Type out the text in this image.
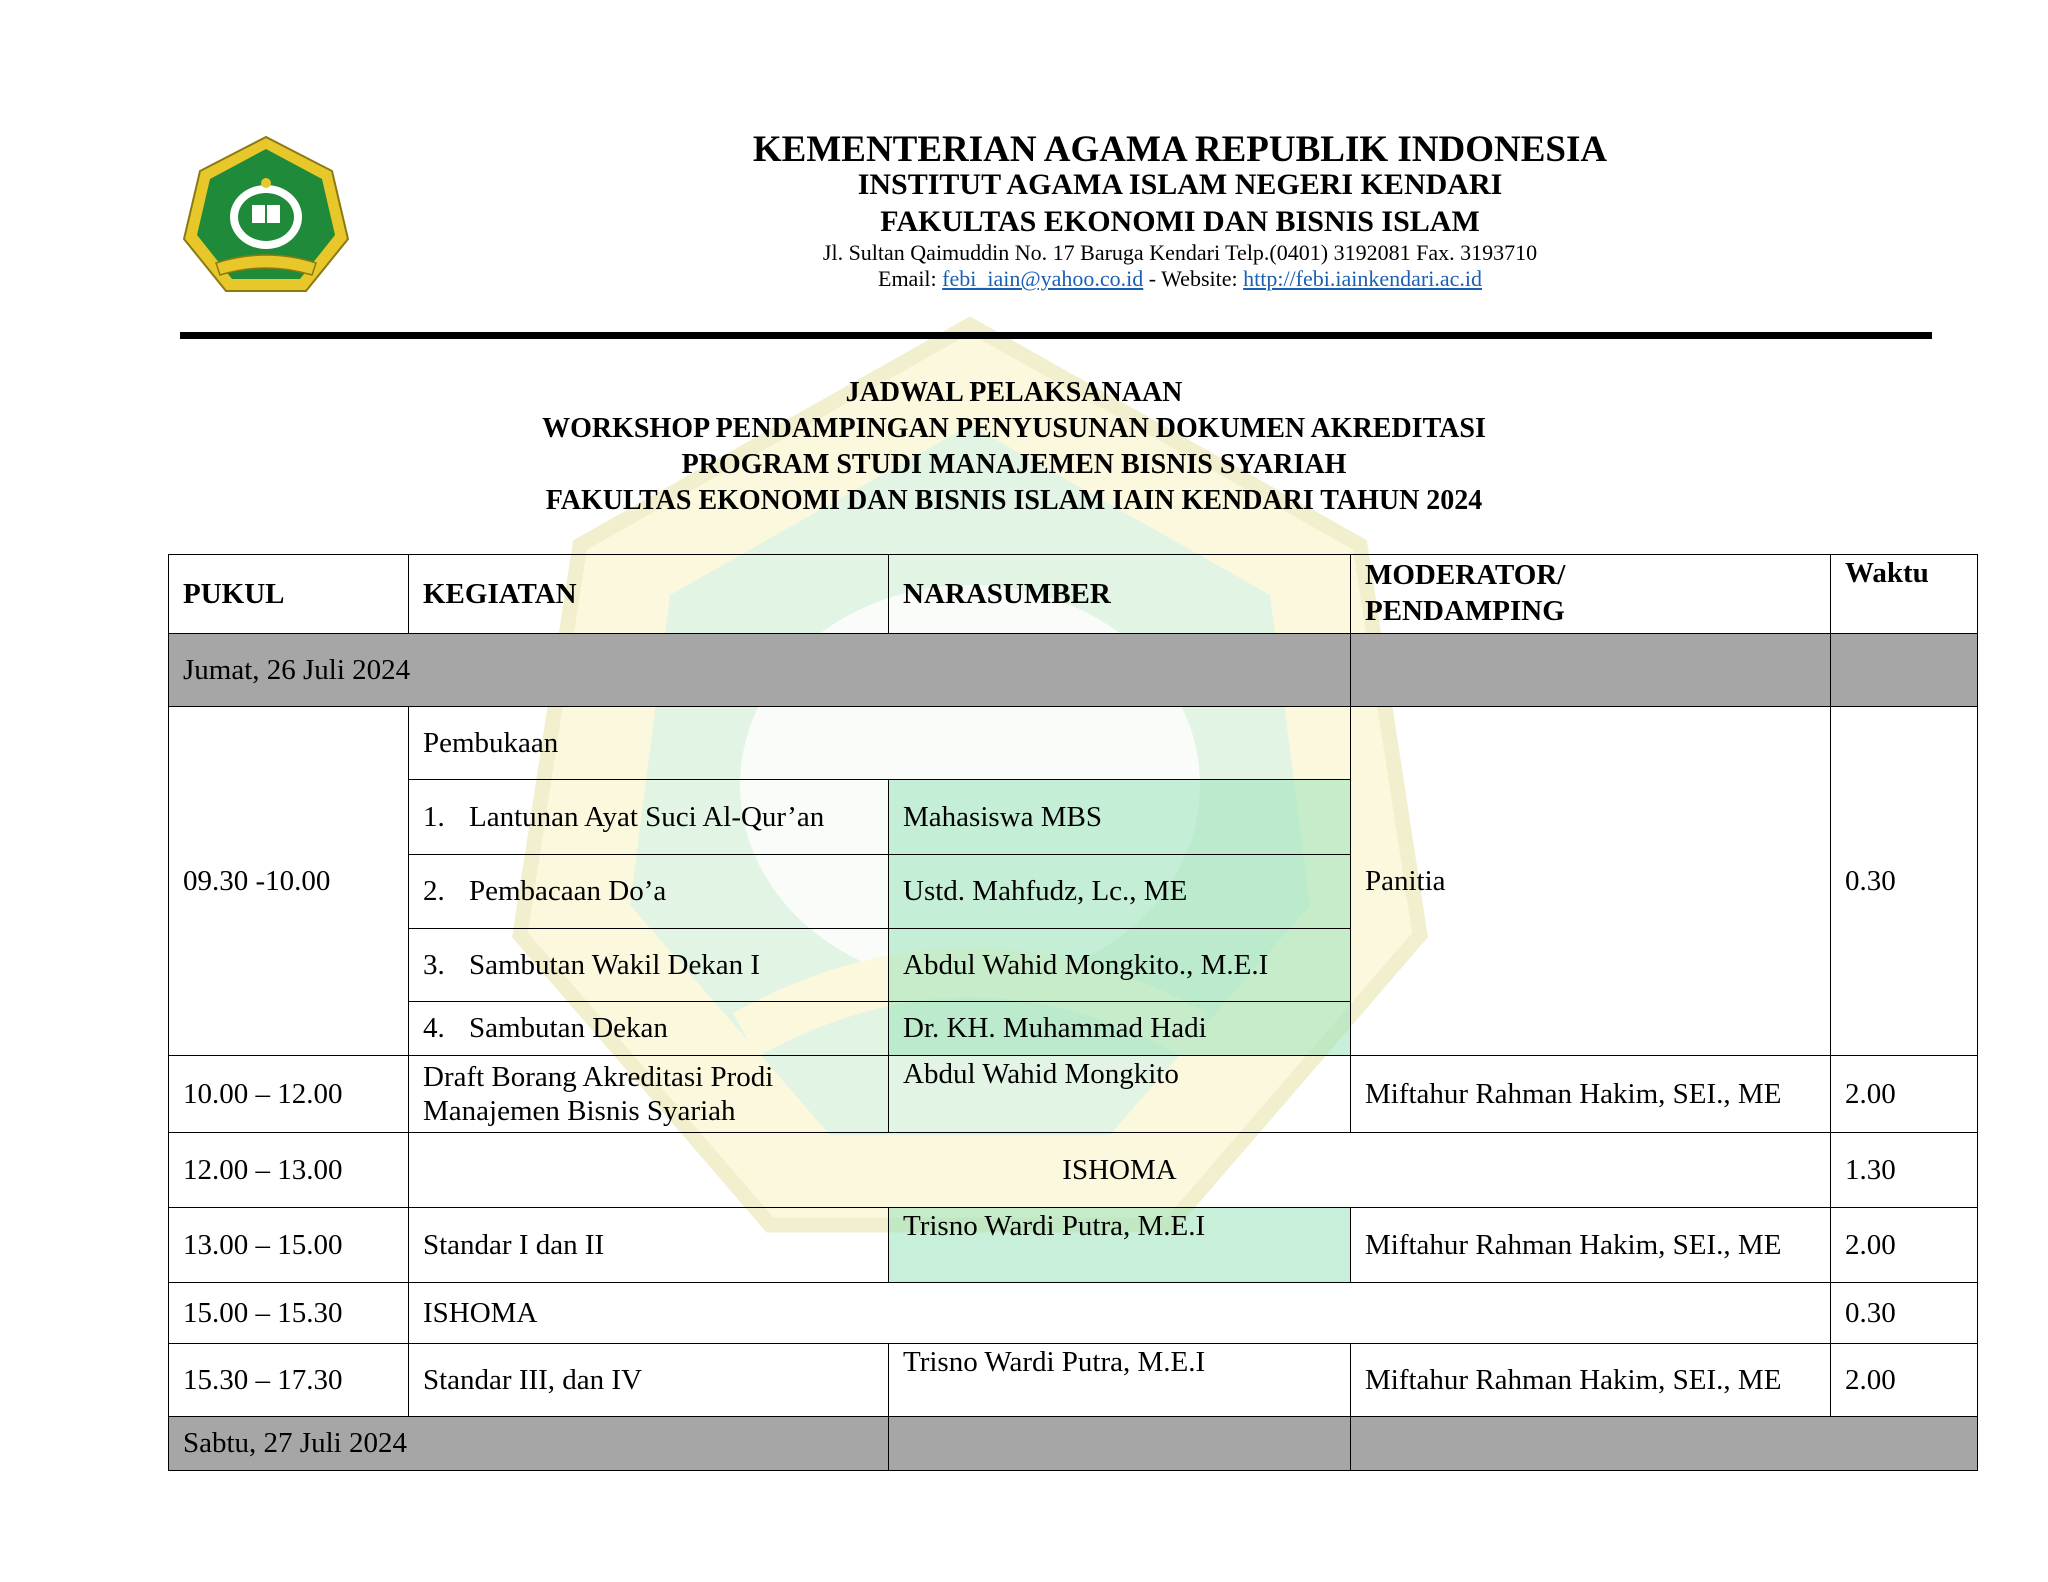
KEMENTERIAN AGAMA REPUBLIK INDONESIA
INSTITUT AGAMA ISLAM NEGERI KENDARI
FAKULTAS EKONOMI DAN BISNIS ISLAM
Jl. Sultan Qaimuddin No. 17 Baruga Kendari Telp.(0401) 3192081 Fax. 3193710
Email: febi_iain@yahoo.co.id - Website: http://febi.iainkendari.ac.id
JADWAL PELAKSANAAN
WORKSHOP PENDAMPINGAN PENYUSUNAN DOKUMEN AKREDITASI
PROGRAM STUDI MANAJEMEN BISNIS SYARIAH
FAKULTAS EKONOMI DAN BISNIS ISLAM IAIN KENDARI TAHUN 2024
PUKUL	KEGIATAN	NARASUMBER	MODERATOR/
PENDAMPING	Waktu
Jumat, 26 Juli 2024				
09.30 -10.00	Pembukaan		Panitia	0.30
	1. Lantunan Ayat Suci Al-Qur’an	Mahasiswa MBS		
	2. Pembacaan Do’a	Ustd. Mahfudz, Lc., ME		
	3. Sambutan Wakil Dekan I	Abdul Wahid Mongkito., M.E.I		
	4. Sambutan Dekan	Dr. KH. Muhammad Hadi		
10.00 – 12.00	Draft Borang Akreditasi Prodi
Manajemen Bisnis Syariah	Abdul Wahid Mongkito	Miftahur Rahman Hakim, SEI., ME	2.00
12.00 – 13.00	ISHOMA			1.30
13.00 – 15.00	Standar I dan II	Trisno Wardi Putra, M.E.I	Miftahur Rahman Hakim, SEI., ME	2.00
15.00 – 15.30	ISHOMA			0.30
15.30 – 17.30	Standar III, dan IV	Trisno Wardi Putra, M.E.I	Miftahur Rahman Hakim, SEI., ME	2.00
Sabtu, 27 Juli 2024				
